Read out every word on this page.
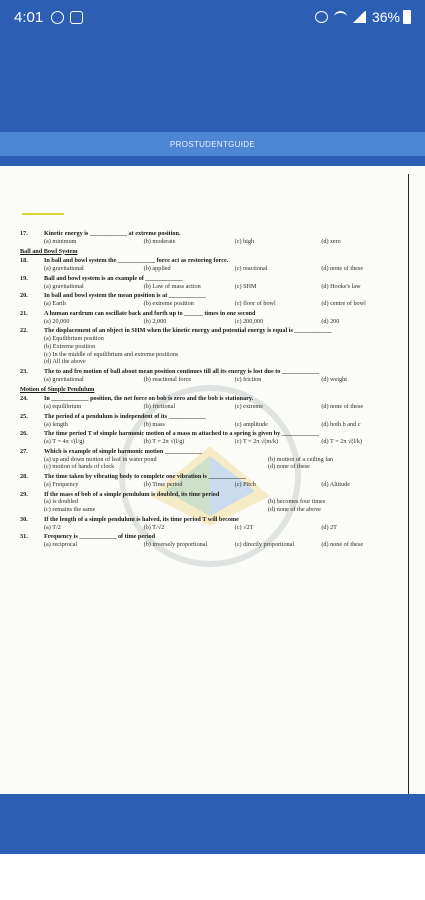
4:01	36%
PROSTUDENTGUIDE
17.	Kinetic energy is ____________ at extreme position.
(a) minimum	(b) moderate	(c) high	(d) zero
Ball and Bowl System
18.	In ball and bowl system the ____________ force act as restoring force.
(a) gravitational	(b) applied	(c) reactional	(d) none of these
19.	Ball and bowl system is an example of ____________
(a) gravitational	(b) Law of mass action	(c) SHM	(d) Hooke's law
20.	In ball and bowl system the mean position is at ____________
(a) Earth	(b) extreme position	(c) floor of bowl	(d) centre of bowl
21.	A human eardrum can oscillate back and forth up to ______ times in one second
(a) 20,000	(b) 2,000	(c) 200,000	(d) 200
22.	The displacement of an object in SHM when the kinetic energy and potential energy is equal is ____________
(a) Equilibrium position
(b) Extreme position
(c) In the middle of equilibrium and extreme positions
(d) All the above
23.	The to and fro motion of ball about mean position continues till all its energy is lost due to ____________
(a) gravitational	(b) reactional force	(c) friction	(d) weight
Motion of Simple Pendulum
24.	In ____________ position, the net force on bob is zero and the bob is stationary.
(a) equilibrium	(b) frictional	(c) extreme	(d) none of these
25.	The period of a pendulum is independent of its ____________
(a) length	(b) mass	(c) amplitude	(d) both b and c
26.	The time period T of simple harmonic motion of a mass m attached to a spring is given by ____________
(a) T = 4π √(l/g)	(b) T = 2π √(l/g)	(c) T = 2π √(m/k)	(d) T = 2π √(l/k)
27.	Which is example of simple harmonic motion ____________
(a) up and down motion of leaf in water pond	(b) motion of a ceiling fan
(c) motion of hands of clock	(d) none of these
28.	The time taken by vibrating body to complete one vibration is ____________
(a) Frequency	(b) Time period	(c) Pitch	(d) Altitude
29.	If the mass of bob of a simple pendulum is doubled, its time period
(a) is doubled	(b) becomes four times
(c) remains the same	(d) none of the above
30.	If the length of a simple pendulum is halved, its time period T will become
(a) T/2	(b) T/√2	(c) √2T	(d) 2T
31.	Frequency is ____________ of time period
(a) reciprocal	(b) inversely proportional	(c) directly proportional	(d) none of these
